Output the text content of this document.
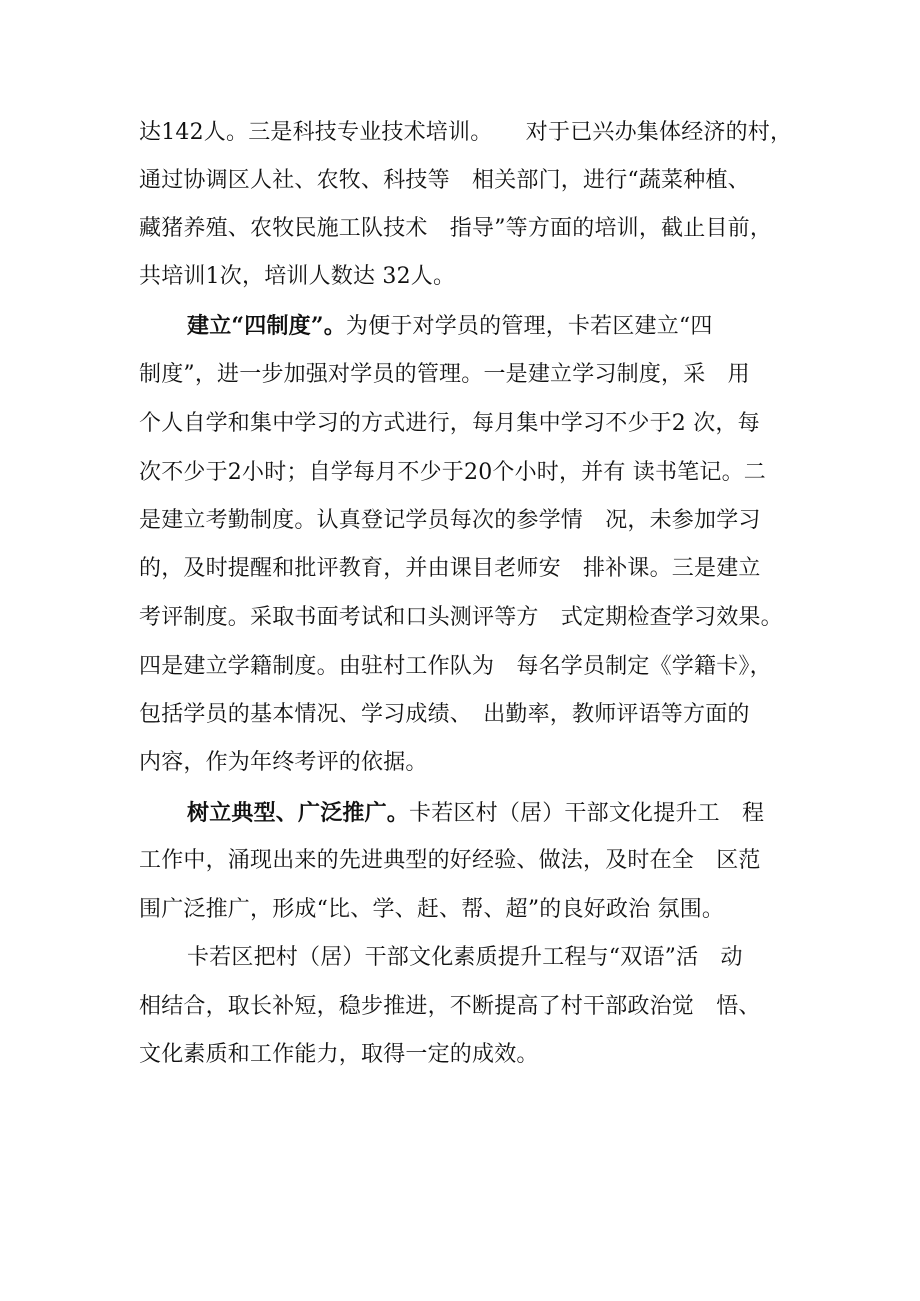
达142人。三是科技专业技术培训。　　对于已兴办集体经济的村，
通过协调区人社、农牧、科技等　相关部门，进行“蔬菜种植、
藏猪养殖、农牧民施工队技术　指导”等方面的培训，截止目前，
共培训1次，培训人数达 32人。
建立“四制度”。为便于对学员的管理，卡若区建立“四
制度”，进一步加强对学员的管理。一是建立学习制度，采　用
个人自学和集中学习的方式进行，每月集中学习不少于2 次，每
次不少于2小时；自学每月不少于20个小时，并有 读书笔记。二
是建立考勤制度。认真登记学员每次的参学情　况，未参加学习
的，及时提醒和批评教育，并由课目老师安　排补课。三是建立
考评制度。采取书面考试和口头测评等方　式定期检查学习效果。
四是建立学籍制度。由驻村工作队为　每名学员制定《学籍卡》，
包括学员的基本情况、学习成绩、　出勤率，教师评语等方面的
内容，作为年终考评的依据。
树立典型、广泛推广。卡若区村（居）干部文化提升工　程
工作中，涌现出来的先进典型的好经验、做法，及时在全　区范
围广泛推广，形成“比、学、赶、帮、超”的良好政治 氛围。
卡若区把村（居）干部文化素质提升工程与“双语”活　动
相结合，取长补短，稳步推进，不断提高了村干部政治觉　悟、
文化素质和工作能力，取得一定的成效。
